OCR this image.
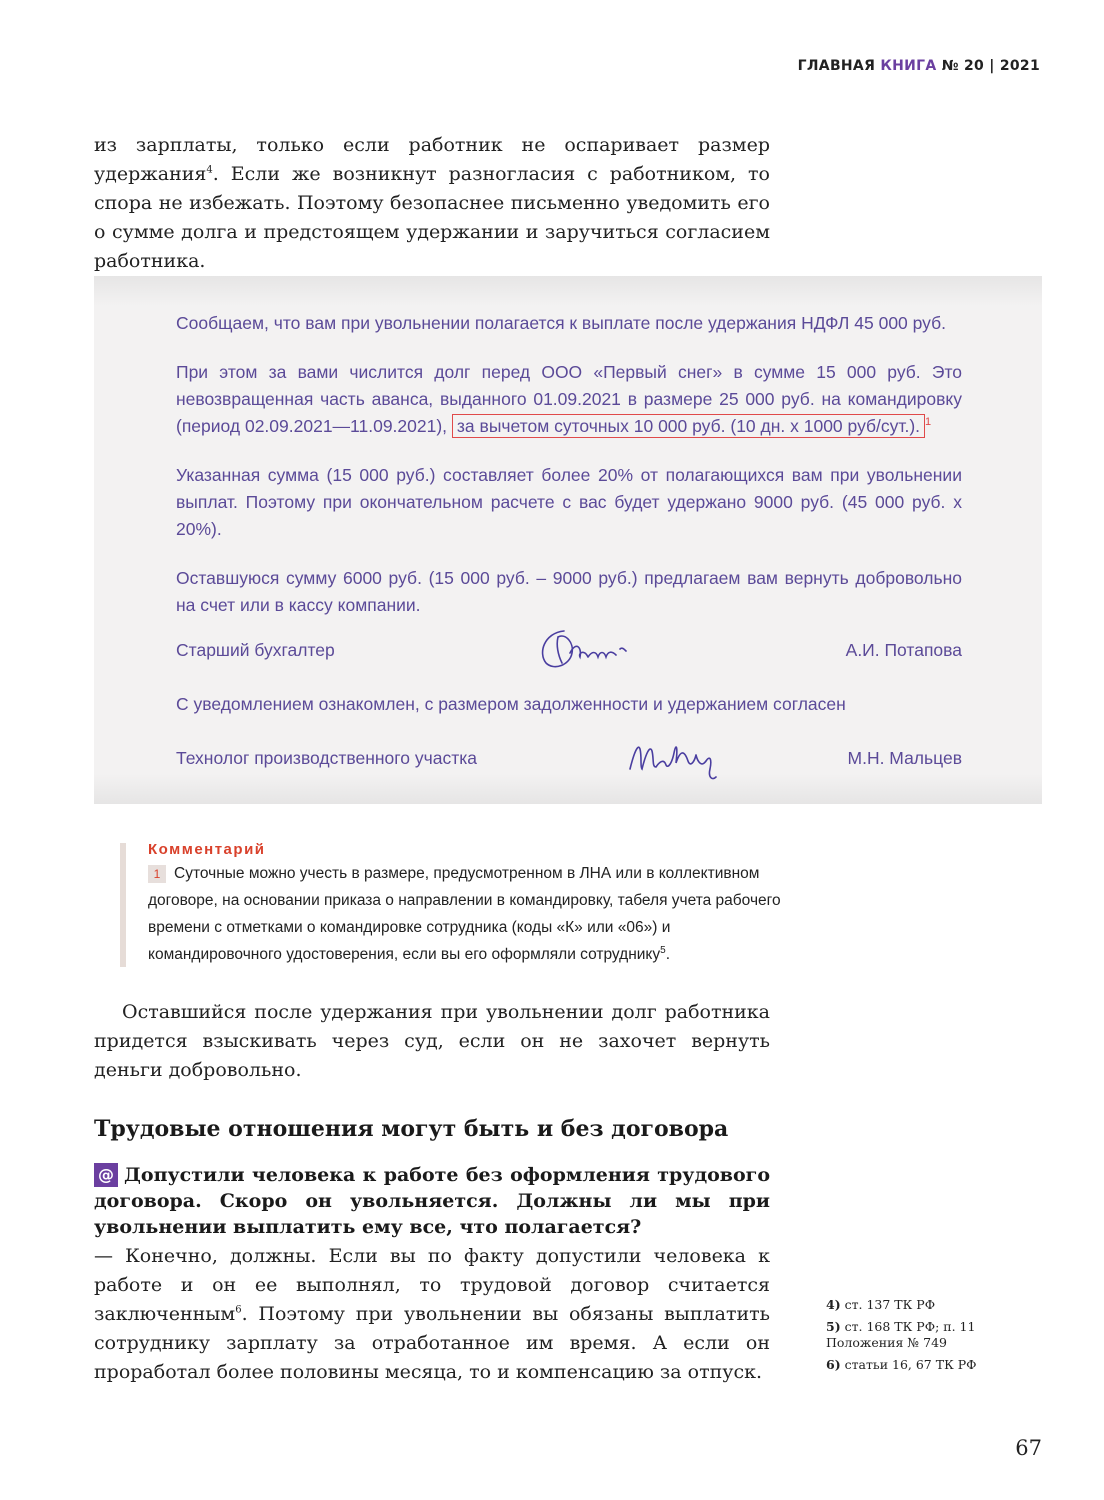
ГЛАВНАЯ КНИГА № 20 | 2021
из зарплаты, только если работник не оспаривает размер удержания$^4$. Если же возникнут разногласия с работником, то спора не избежать. Поэтому безопаснее письменно уведомить его о сумме долга и предстоящем удержании и заручиться согласием работника.

Сообщаем, что вам при увольнении полагается к выплате после удержания НДФЛ 45 000 руб.

При этом за вами числится долг перед ООО «Первый снег» в сумме 15 000 руб. Это невозвращенная часть аванса, выданного 01.09.2021 в размере 25 000 руб. на командировку (период 02.09.2021—11.09.2021), за вычетом суточных 10 000 руб. (10 дн. х 1000 руб/сут.). $^1$

Указанная сумма (15 000 руб.) составляет более 20% от полагающихся вам при увольнении выплат. Поэтому при окончательном расчете с вас будет удержано 9000 руб. (45 000 руб. х 20%).

Оставшуюся сумму 6000 руб. (15 000 руб. – 9000 руб.) предлагаем вам вернуть добровольно на счет или в кассу компании.

Старший бухгалтер	А.И. Потапова
С уведомлением ознакомлен, с размером задолженности и удержанием согласен
Технолог производственного участка	М.Н. Мальцев
Комментарий
1 Суточные можно учесть в размере, предусмотренном в ЛНА или в коллективном договоре, на основании приказа о направлении в командировку, табеля учета рабочего времени с отметками о командировке сотрудника (коды «К» или «06») и командировочного удостоверения, если вы его оформляли сотруднику$^5$.
Оставшийся после удержания при увольнении долг работника придется взыскивать через суд, если он не захочет вернуть деньги добровольно.
Трудовые отношения могут быть и без договора
@ Допустили человека к работе без оформления трудового договора. Скоро он увольняется. Должны ли мы при увольнении выплатить ему все, что полагается?
— Конечно, должны. Если вы по факту допустили человека к работе и он ее выполнял, то трудовой договор считается заключенным$^6$. Поэтому при увольнении вы обязаны выплатить сотруднику зарплату за отработанное им время. А если он проработал более половины месяца, то и компенсацию за отпуск.
4) ст. 137 ТК РФ
5) ст. 168 ТК РФ; п. 11 Положения № 749
6) статьи 16, 67 ТК РФ
67
